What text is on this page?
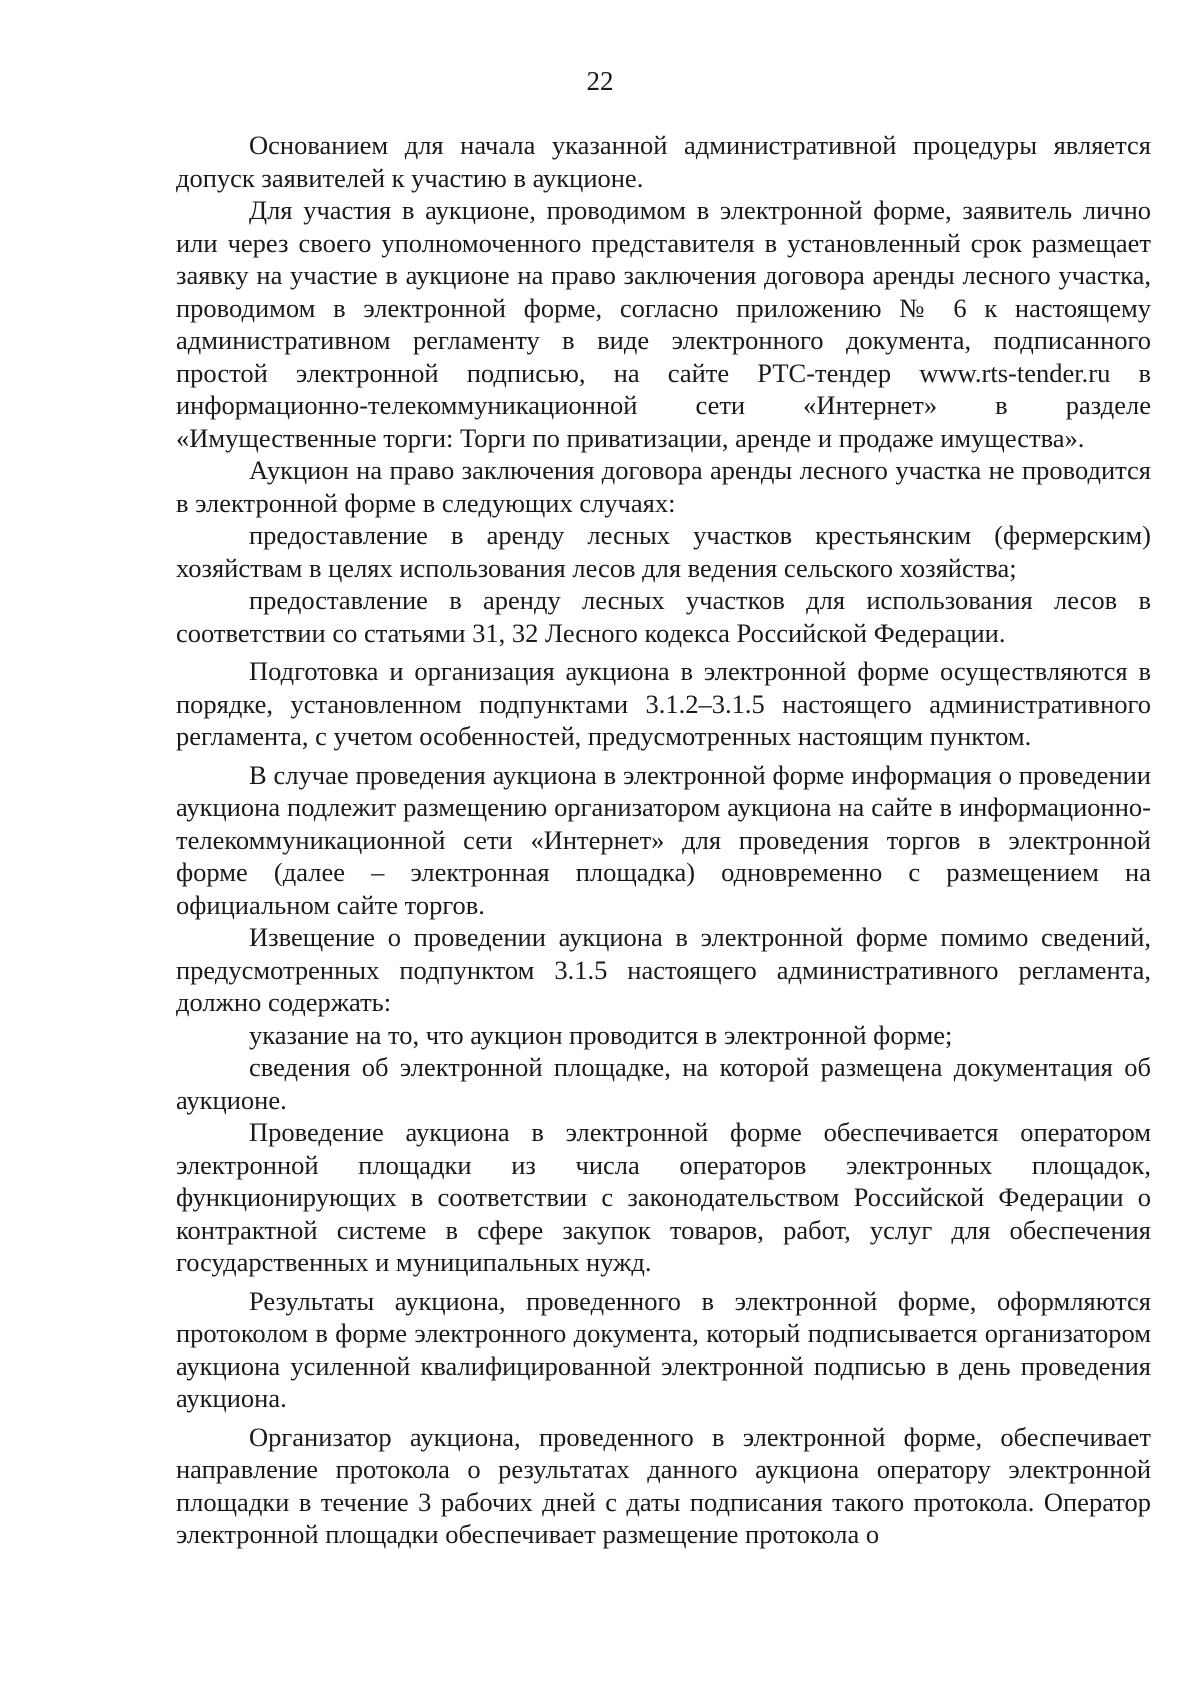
22

Основанием для начала указанной административной процедуры является допуск заявителей к участию в аукционе.

Для участия в аукционе, проводимом в электронной форме, заявитель лично или через своего уполномоченного представителя в установленный срок размещает заявку на участие в аукционе на право заключения договора аренды лесного участка, проводимом в электронной форме, согласно приложению № 6 к настоящему административном регламенту в виде электронного документа, подписанного простой электронной подписью, на сайте РТС-тендер www.rts-tender.ru в информационно-телекоммуникационной сети «Интернет» в разделе «Имущественные торги: Торги по приватизации, аренде и продаже имущества».

Аукцион на право заключения договора аренды лесного участка не проводится в электронной форме в следующих случаях:

предоставление в аренду лесных участков крестьянским (фермерским) хозяйствам в целях использования лесов для ведения сельского хозяйства;

предоставление в аренду лесных участков для использования лесов в соответствии со статьями 31, 32 Лесного кодекса Российской Федерации.

Подготовка и организация аукциона в электронной форме осуществляются в порядке, установленном подпунктами 3.1.2–3.1.5 настоящего административного регламента, с учетом особенностей, предусмотренных настоящим пунктом.

В случае проведения аукциона в электронной форме информация о проведении аукциона подлежит размещению организатором аукциона на сайте в информационно-телекоммуникационной сети «Интернет» для проведения торгов в электронной форме (далее – электронная площадка) одновременно с размещением на официальном сайте торгов.

Извещение о проведении аукциона в электронной форме помимо сведений, предусмотренных подпунктом 3.1.5 настоящего административного регламента, должно содержать:

указание на то, что аукцион проводится в электронной форме;

сведения об электронной площадке, на которой размещена документация об аукционе.

Проведение аукциона в электронной форме обеспечивается оператором электронной площадки из числа операторов электронных площадок, функционирующих в соответствии с законодательством Российской Федерации о контрактной системе в сфере закупок товаров, работ, услуг для обеспечения государственных и муниципальных нужд.

Результаты аукциона, проведенного в электронной форме, оформляются протоколом в форме электронного документа, который подписывается организатором аукциона усиленной квалифицированной электронной подписью в день проведения аукциона.

Организатор аукциона, проведенного в электронной форме, обеспечивает направление протокола о результатах данного аукциона оператору электронной площадки в течение 3 рабочих дней с даты подписания такого протокола. Оператор электронной площадки обеспечивает размещение протокола о
